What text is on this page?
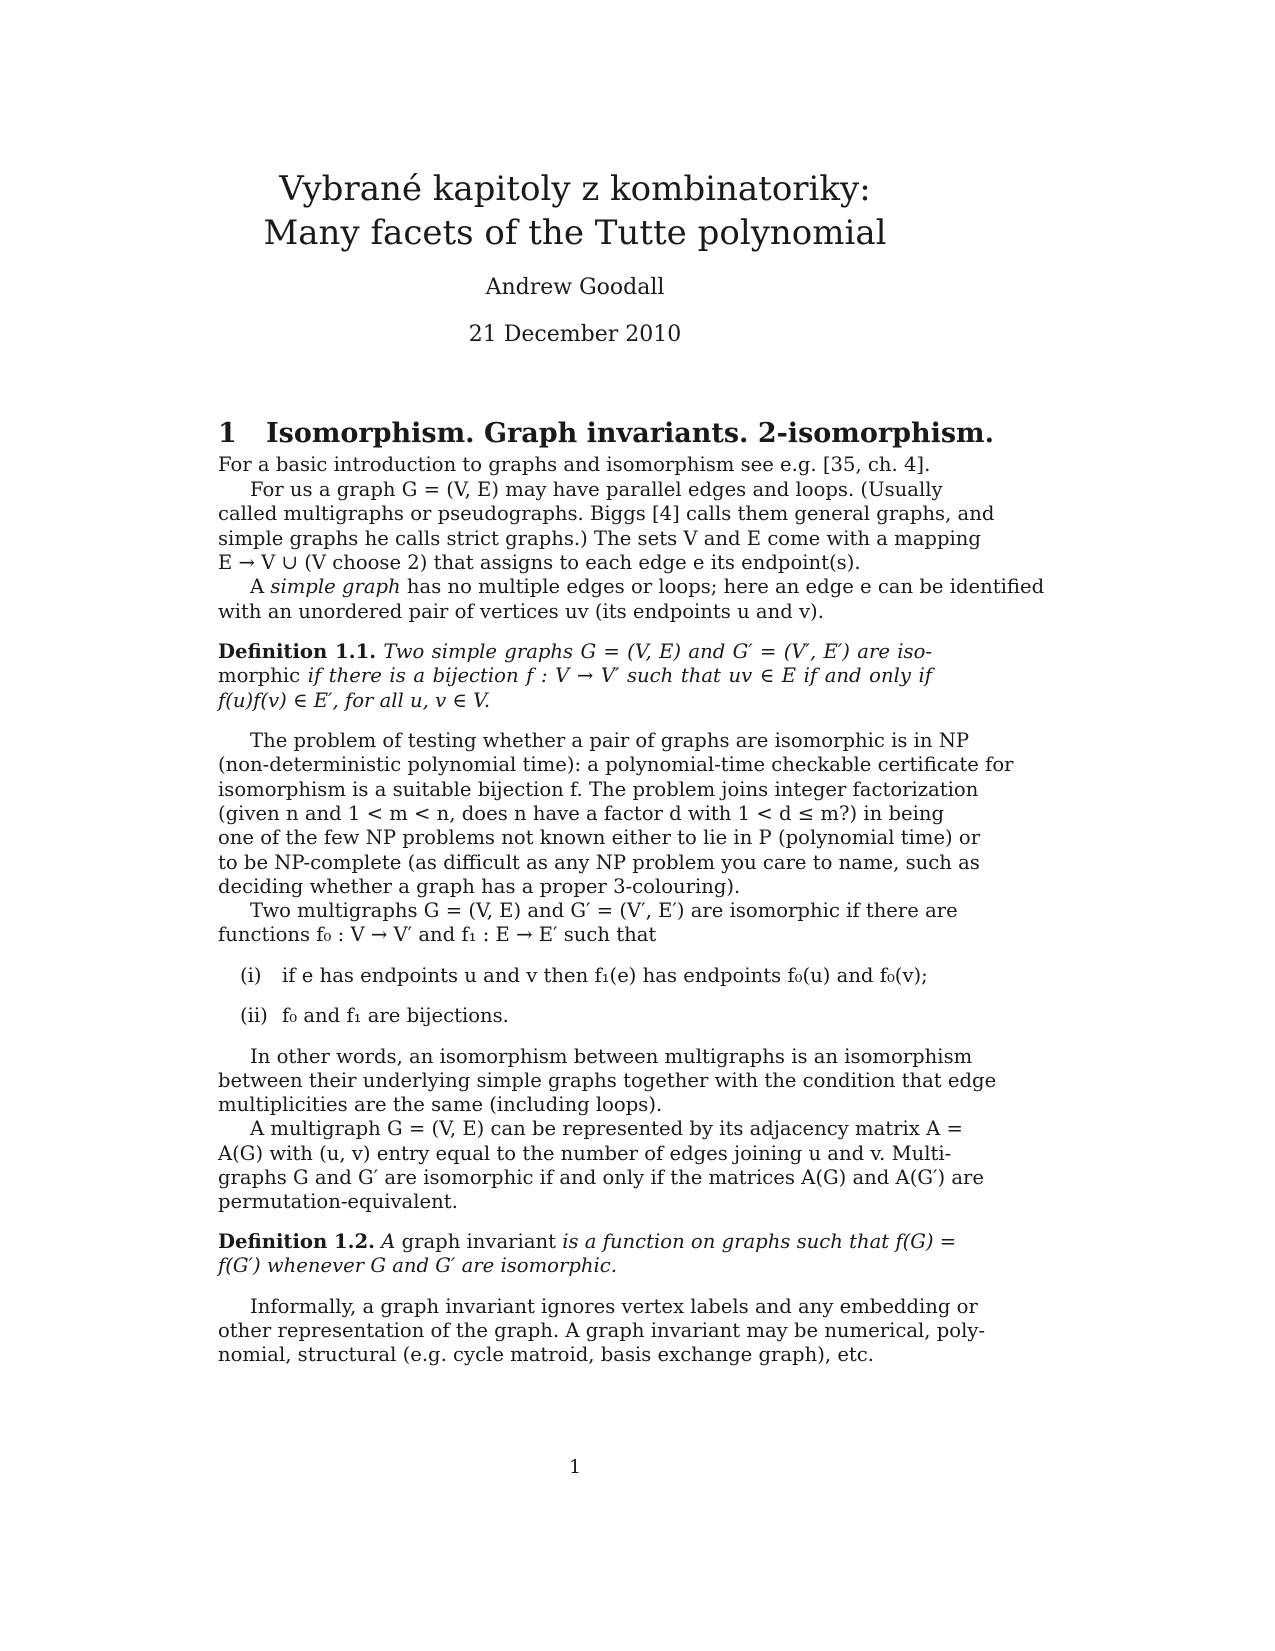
Vybrané kapitoly z kombinatoriky:
Many facets of the Tutte polynomial
Andrew Goodall
21 December 2010
1 Isomorphism. Graph invariants. 2-isomorphism.
For a basic introduction to graphs and isomorphism see e.g. [35, ch. 4].
For us a graph G = (V, E) may have parallel edges and loops. (Usually
called multigraphs or pseudographs. Biggs [4] calls them general graphs, and
simple graphs he calls strict graphs.) The sets V and E come with a mapping
E → V ∪ (V choose 2) that assigns to each edge e its endpoint(s).
A simple graph has no multiple edges or loops; here an edge e can be identified
with an unordered pair of vertices uv (its endpoints u and v).
Definition 1.1. Two simple graphs G = (V, E) and G′ = (V′, E′) are iso-
morphic if there is a bijection f : V → V′ such that uv ∈ E if and only if
f(u)f(v) ∈ E′, for all u, v ∈ V.
The problem of testing whether a pair of graphs are isomorphic is in NP
(non-deterministic polynomial time): a polynomial-time checkable certificate for
isomorphism is a suitable bijection f. The problem joins integer factorization
(given n and 1 < m < n, does n have a factor d with 1 < d ≤ m?) in being
one of the few NP problems not known either to lie in P (polynomial time) or
to be NP-complete (as difficult as any NP problem you care to name, such as
deciding whether a graph has a proper 3-colouring).
Two multigraphs G = (V, E) and G′ = (V′, E′) are isomorphic if there are
functions f₀ : V → V′ and f₁ : E → E′ such that
(i) if e has endpoints u and v then f₁(e) has endpoints f₀(u) and f₀(v);
(ii) f₀ and f₁ are bijections.
In other words, an isomorphism between multigraphs is an isomorphism
between their underlying simple graphs together with the condition that edge
multiplicities are the same (including loops).
A multigraph G = (V, E) can be represented by its adjacency matrix A =
A(G) with (u, v) entry equal to the number of edges joining u and v. Multi-
graphs G and G′ are isomorphic if and only if the matrices A(G) and A(G′) are
permutation-equivalent.
Definition 1.2. A graph invariant is a function on graphs such that f(G) =
f(G′) whenever G and G′ are isomorphic.
Informally, a graph invariant ignores vertex labels and any embedding or
other representation of the graph. A graph invariant may be numerical, poly-
nomial, structural (e.g. cycle matroid, basis exchange graph), etc.
1
